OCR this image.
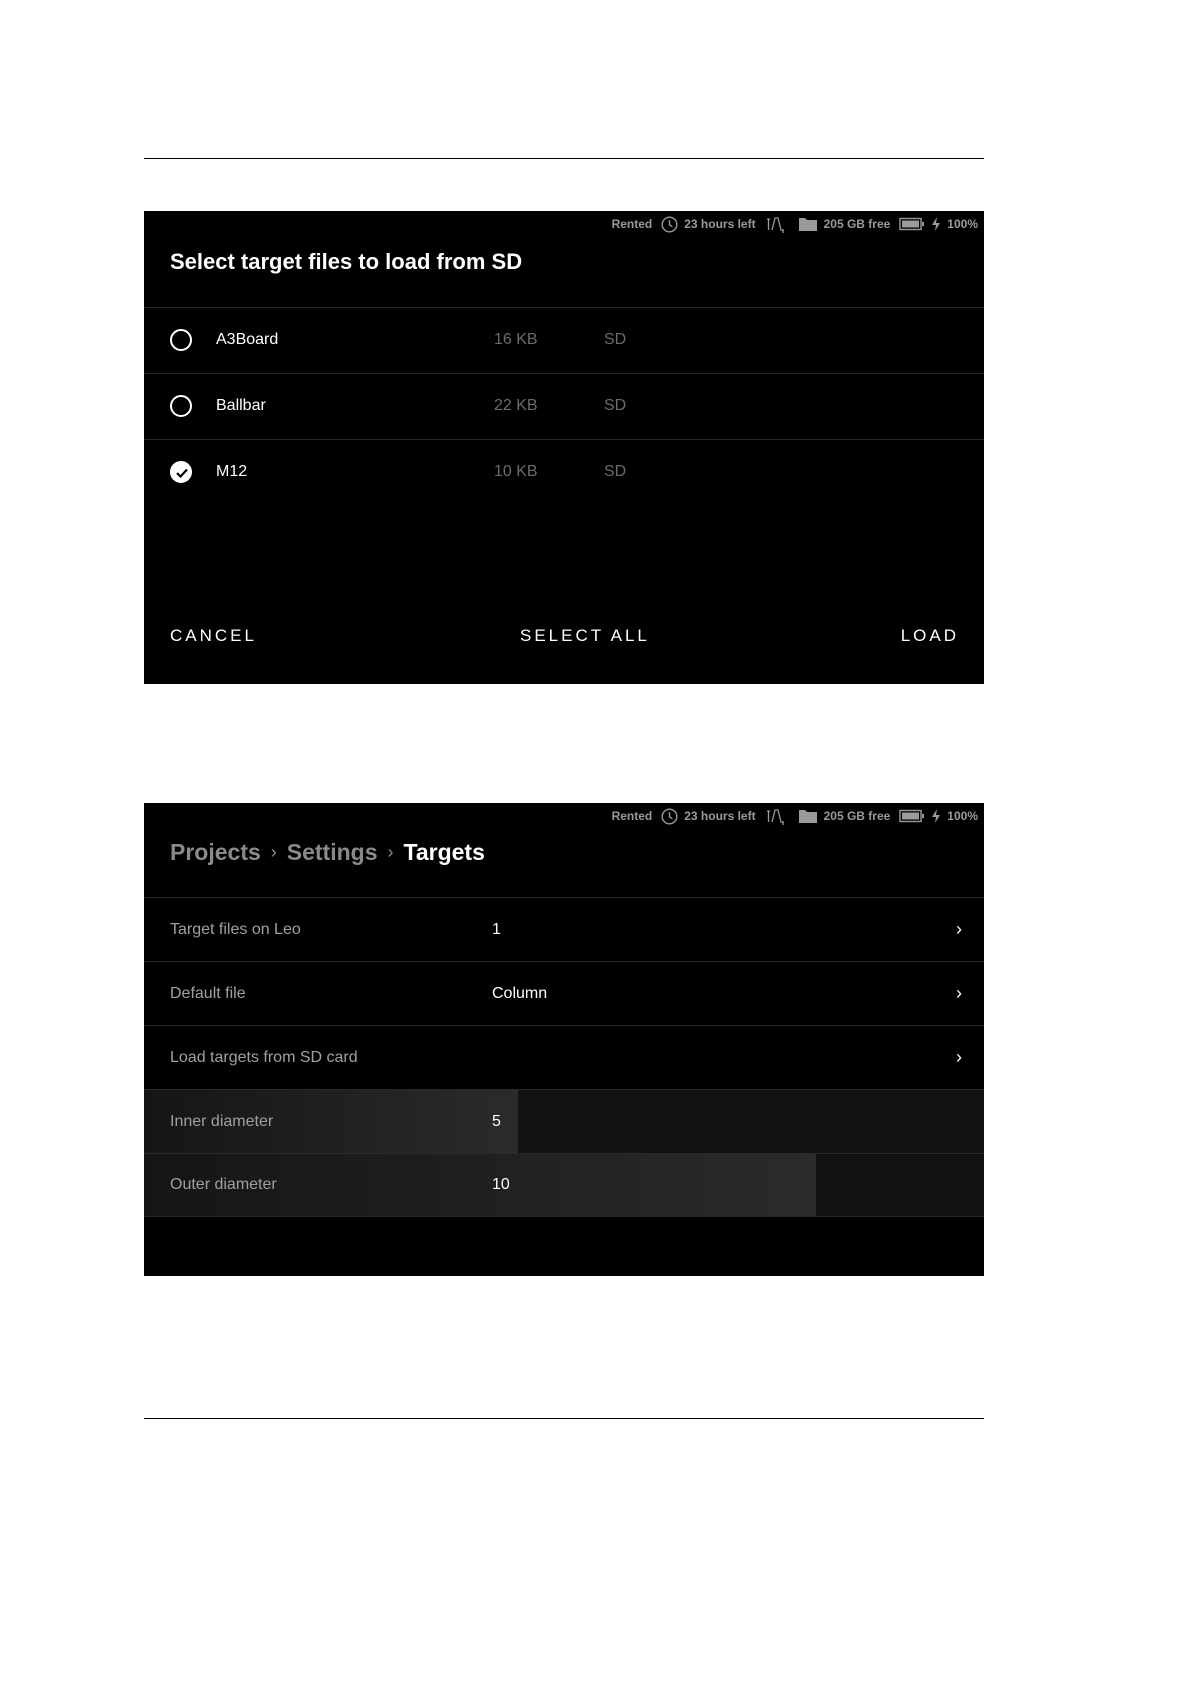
Rented	23 hours left	205 GB free	100%
Select target files to load from SD
A3Board	16 KB	SD
Ballbar	22 KB	SD
M12	10 KB	SD
CANCEL	SELECT ALL	LOAD
Rented	23 hours left	205 GB free	100%
Projects › Settings › Targets
Target files on Leo	1	›
Default file	Column	›
Load targets from SD card	›
Inner diameter	5
Outer diameter	10
